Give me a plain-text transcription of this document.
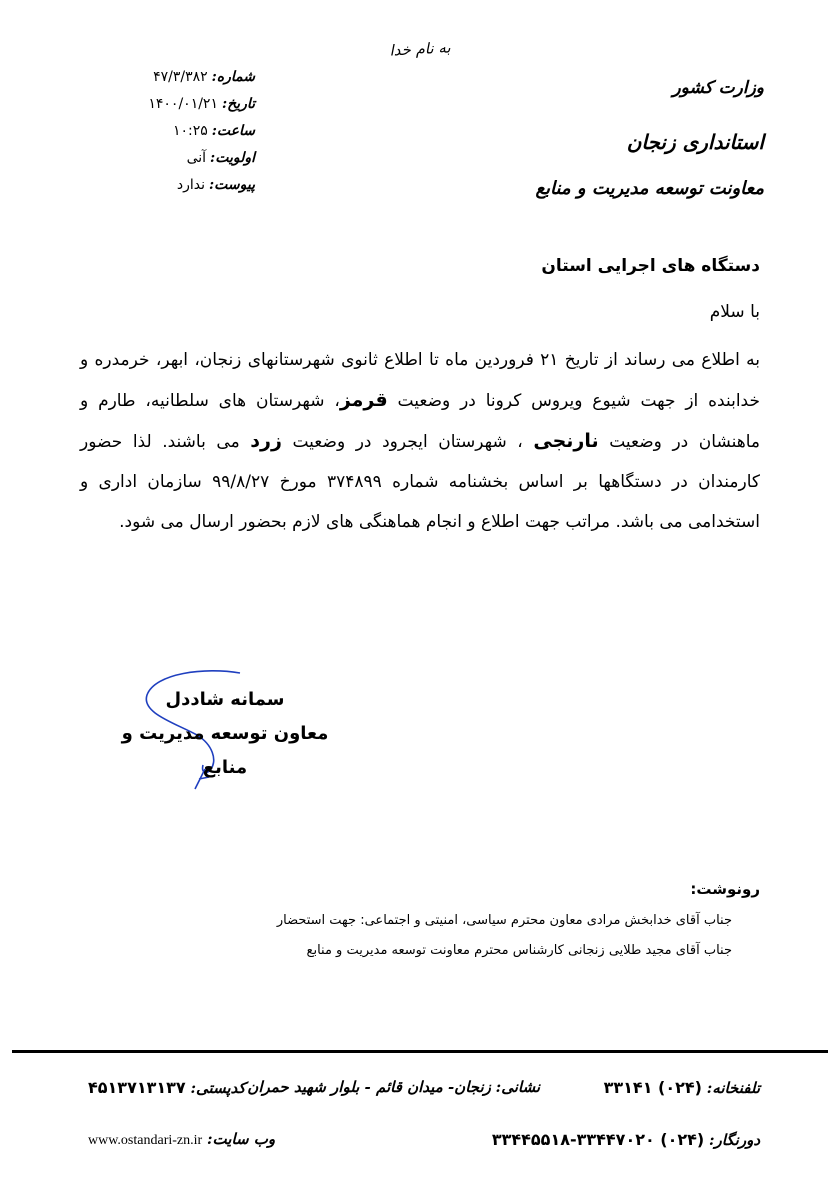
به نام خدا
وزارت کشور
استانداری زنجان
معاونت توسعه مدیریت و منابع
شماره:
۴۷/۳/۳۸۲
تاریخ:
۱۴۰۰/۰۱/۲۱
ساعت:
۱۰:۲۵
اولویت:
آنی
پیوست:
ندارد
دستگاه های اجرایی استان
با سلام
به اطلاع می رساند از تاریخ ۲۱ فروردین ماه تا اطلاع ثانوی شهرستانهای زنجان، ابهر، خرمدره و خدابنده از جهت شیوع ویروس کرونا در وضعیت قرمز، شهرستان های سلطانیه، طارم و ماهنشان در وضعیت نارنجی ، شهرستان ایجرود در وضعیت زرد می باشند. لذا حضور کارمندان در دستگاهها بر اساس بخشنامه شماره ۳۷۴۸۹۹ مورخ ۹۹/۸/۲۷ سازمان اداری و استخدامی می باشد. مراتب جهت اطلاع و انجام هماهنگی های لازم بحضور ارسال می شود.
سمانه شاددل
معاون توسعه مدیریت و منابع
رونوشت:
جناب آقای خدابخش مرادی معاون محترم سیاسی، امنیتی و اجتماعی: جهت استحضار
جناب آقای مجید طلایی زنجانی کارشناس محترم معاونت توسعه مدیریت و منابع
تلفنخانه: (۰۲۴) ۳۳۱۴۱
نشانی: زنجان- میدان قائم - بلوار شهید حمران
کدپستی: ۴۵۱۳۷۱۳۱۳۷
دورنگار: (۰۲۴) ۳۳۴۴۷۰۲۰-۳۳۴۴۵۵۱۸
وب سایت: www.ostandari-zn.ir
